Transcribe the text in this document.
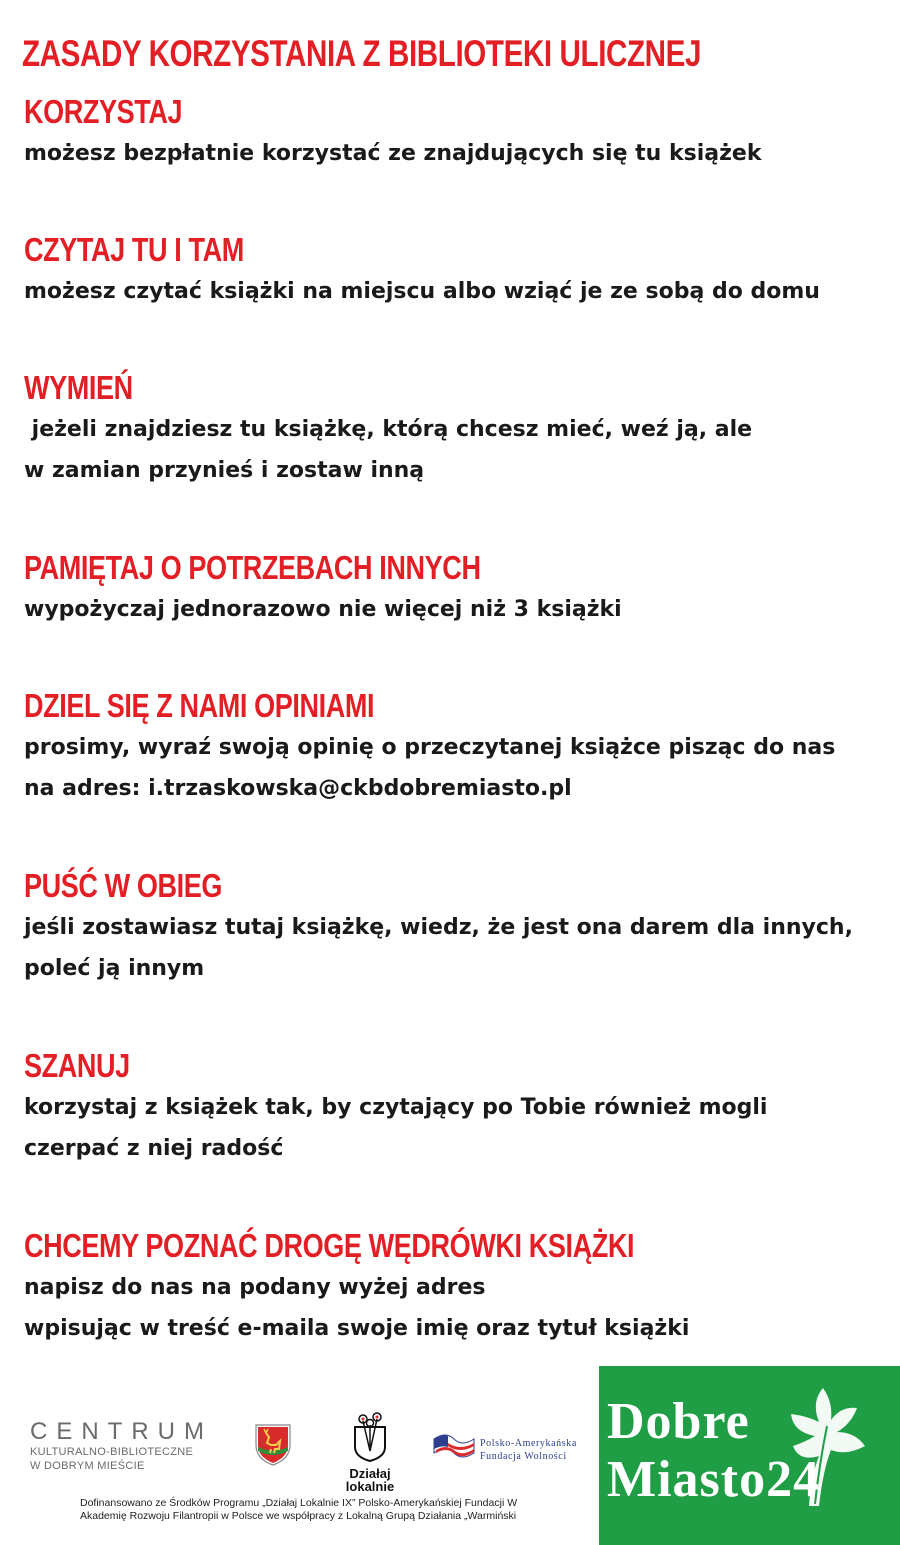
ZASADY KORZYSTANIA Z BIBLIOTEKI ULICZNEJ
KORZYSTAJ

możesz bezpłatnie korzystać ze znajdujących się tu książek

CZYTAJ TU I TAM

możesz czytać książki na miejscu albo wziąć je ze sobą do domu

WYMIEŃ

jeżeli znajdziesz tu książkę, którą chcesz mieć, weź ją, ale

w zamian przynieś i zostaw inną

PAMIĘTAJ O POTRZEBACH INNYCH

wypożyczaj jednorazowo nie więcej niż 3 książki

DZIEL SIĘ Z NAMI OPINIAMI

prosimy, wyraź swoją opinię o przeczytanej książce pisząc do nas

na adres: i.trzaskowska@ckbdobremiasto.pl

PUŚĆ W OBIEG

jeśli zostawiasz tutaj książkę, wiedz, że jest ona darem dla innych,

poleć ją innym

SZANUJ

korzystaj z książek tak, by czytający po Tobie również mogli

czerpać z niej radość

CHCEMY POZNAĆ DROGĘ WĘDRÓWKI KSIĄŻKI

napisz do nas na podany wyżej adres

wpisując w treść e-maila swoje imię oraz tytuł książki

CENTRUM
KULTURALNO-BIBLIOTECZNE
W DOBRYM MIEŚCIE	Działaj
lokalnie
Polsko-Amerykańska
Fundacja Wolności
Dofinansowano ze Środków Programu „Działaj Lokalnie IX” Polsko-Amerykańskiej Fundacji W
Akademię Rozwoju Filantropii w Polsce we współpracy z Lokalną Grupą Działania „Warmiński
Dobre
Miasto24
